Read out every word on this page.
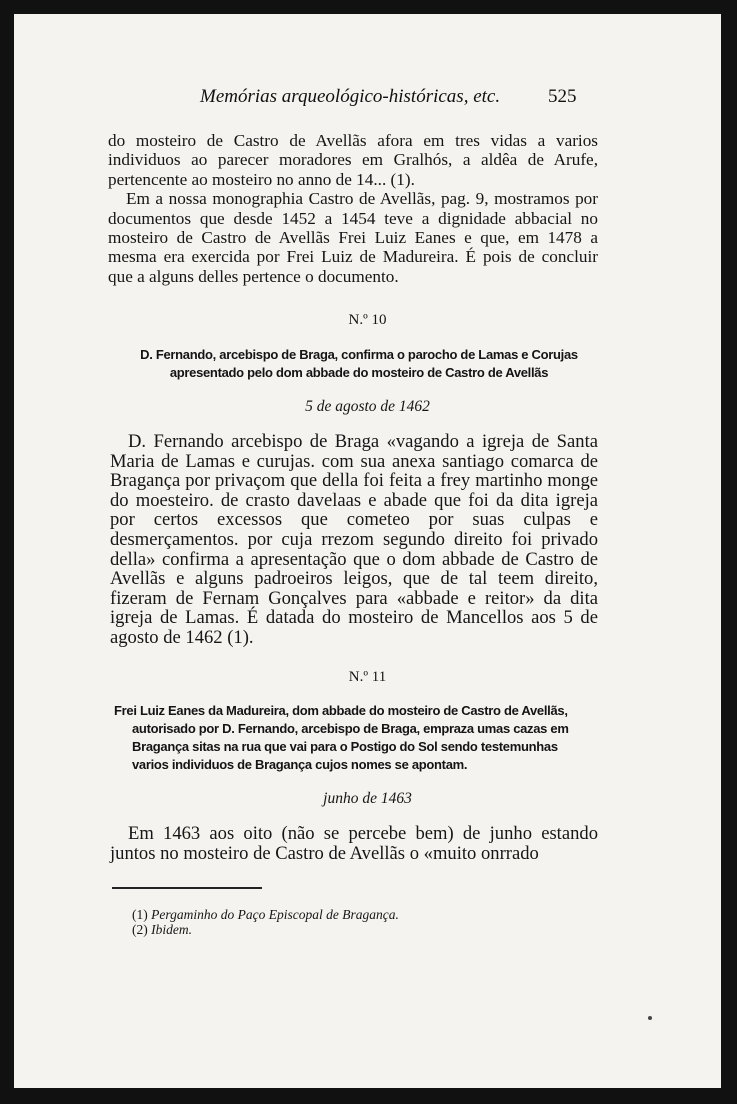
Memórias arqueológico-históricas, etc.	525

do mosteiro de Castro de Avellãs afora em tres vidas a varios individuos ao parecer moradores em Gralhós, a aldêa de Arufe, pertencente ao mosteiro no anno de 14... (1).

Em a nossa monographia Castro de Avellãs, pag. 9, mostramos por documentos que desde 1452 a 1454 teve a dignidade abbacial no mosteiro de Castro de Avellãs Frei Luiz Eanes e que, em 1478 a mesma era exercida por Frei Luiz de Madureira. É pois de concluir que a alguns delles pertence o documento.

N.º 10
D. Fernando, arcebispo de Braga, confirma o parocho de Lamas e Corujas
apresentado pelo dom abbade do mosteiro de Castro de Avellãs
5 de agosto de 1462

D. Fernando arcebispo de Braga «vagando a igreja de Santa Maria de Lamas e curujas. com sua anexa santiago comarca de Bragança por privaçom que della foi feita a frey martinho monge do moesteiro. de crasto davelaas e abade que foi da dita igreja por certos excessos que cometeo por suas culpas e desmerçamentos. por cuja rrezom segundo direito foi privado della» confirma a apresentação que o dom abbade de Castro de Avellãs e alguns padroeiros leigos, que de tal teem direito, fizeram de Fernam Gonçalves para «abbade e reitor» da dita igreja de Lamas. É datada do mosteiro de Mancellos aos 5 de agosto de 1462 (1).

N.º 11
Frei Luiz Eanes da Madureira, dom abbade do mosteiro de Castro de Avellãs,
autorisado por D. Fernando, arcebispo de Braga, empraza umas cazas em
Bragança sitas na rua que vai para o Postigo do Sol sendo testemunhas
varios individuos de Bragança cujos nomes se apontam.
junho de 1463

Em 1463 aos oito (não se percebe bem) de junho estando juntos no mosteiro de Castro de Avellãs o «muito onrrado

(1) Pergaminho do Paço Episcopal de Bragança.
(2) Ibidem.
